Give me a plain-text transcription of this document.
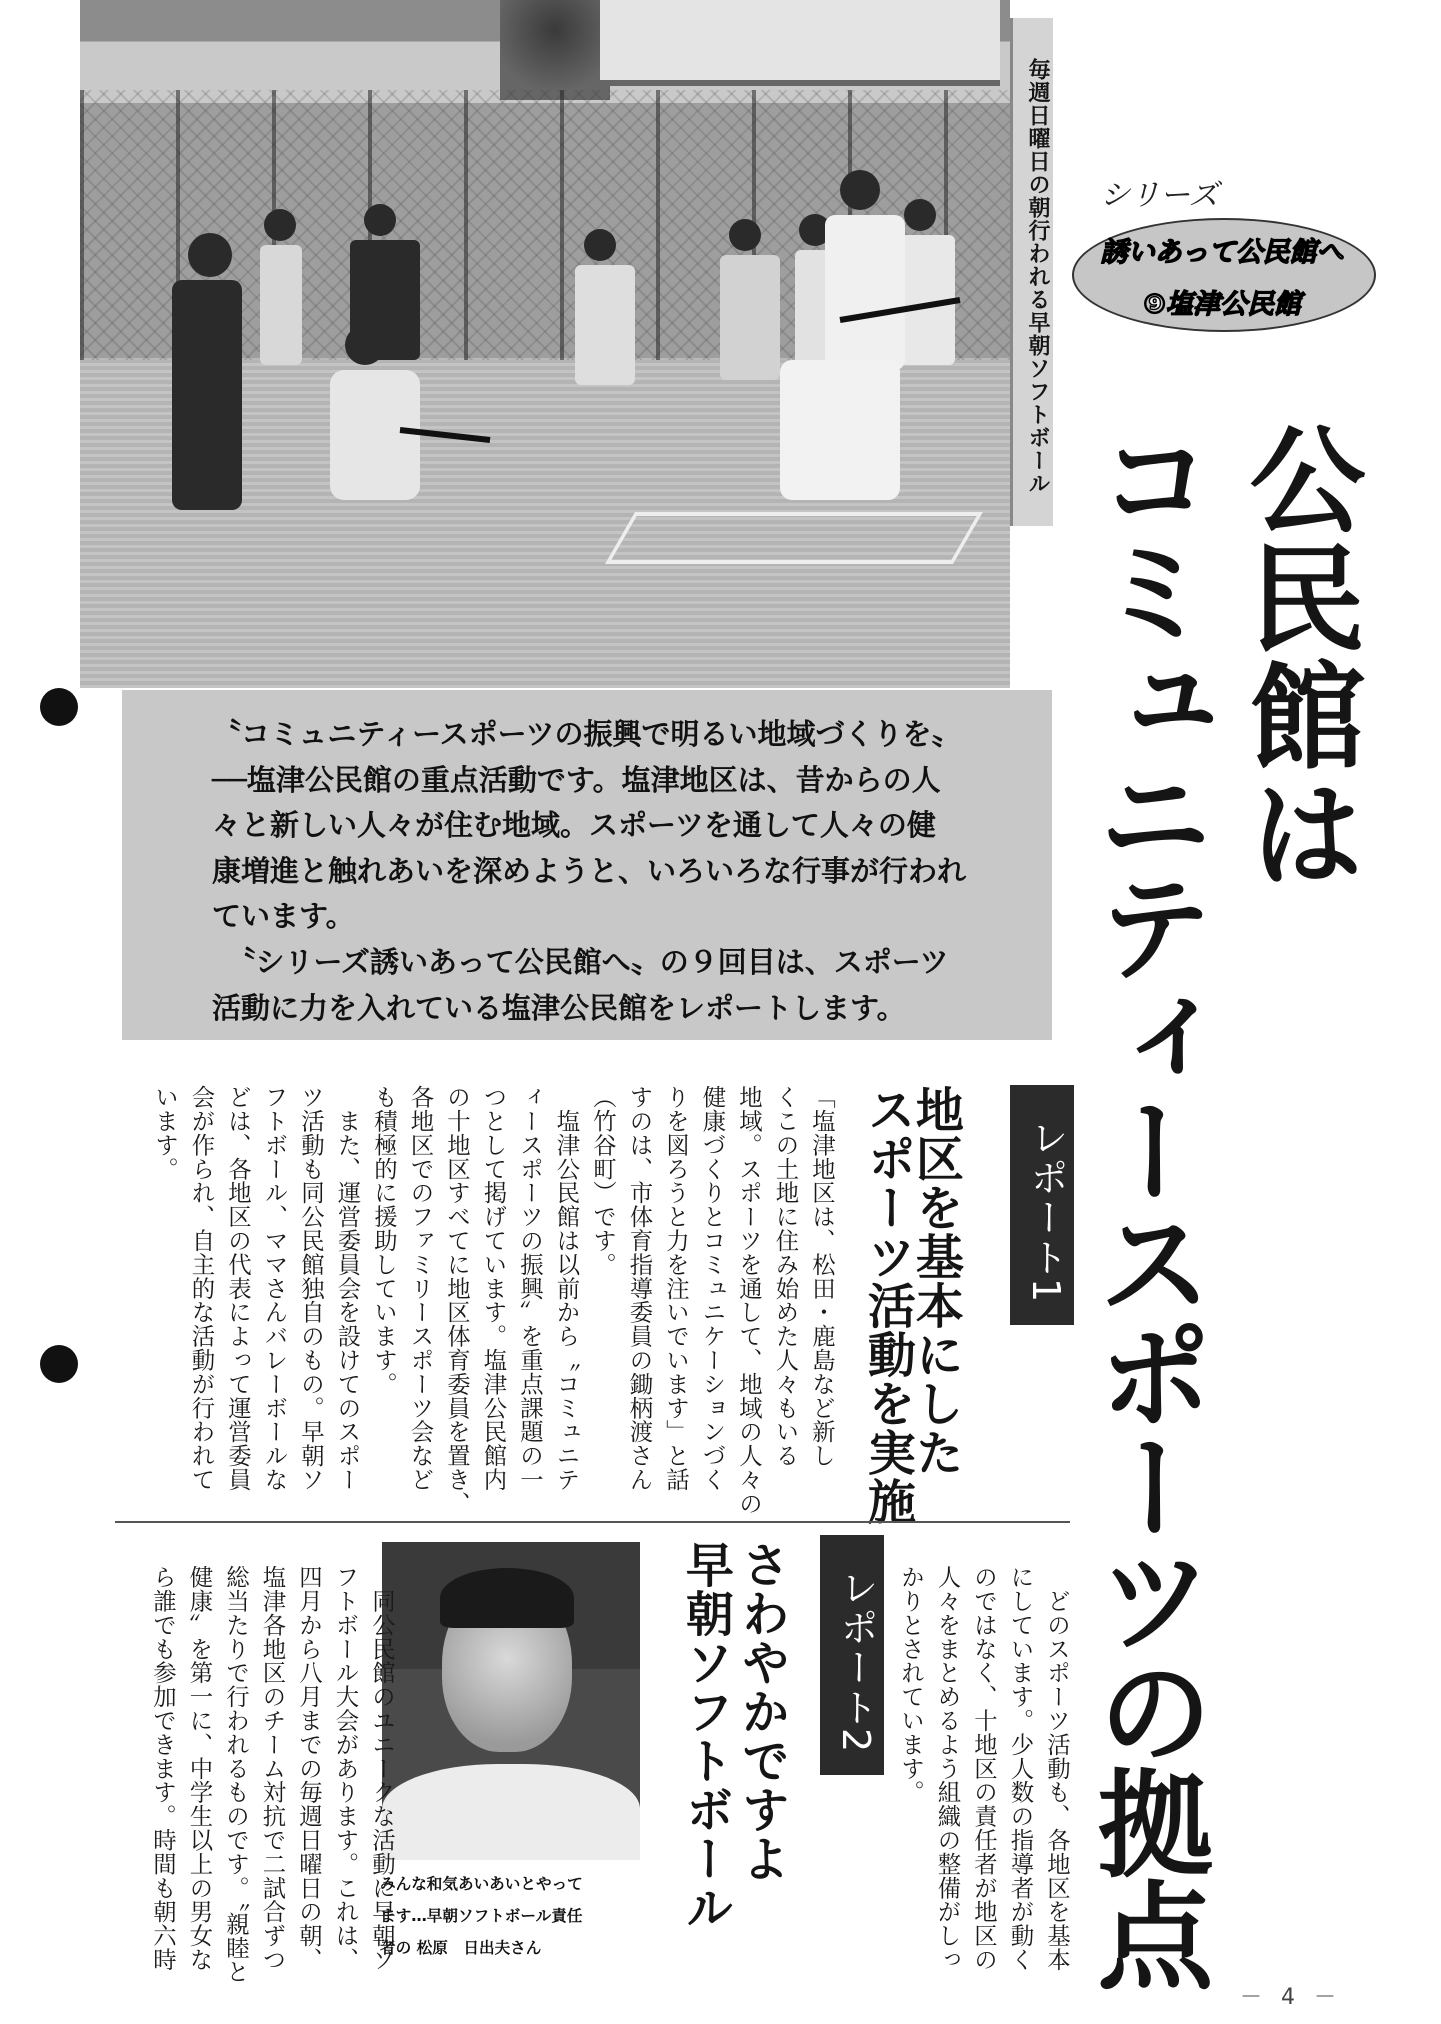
毎週日曜日の朝行われる早朝ソフトボール シリーズ
誘いあって公民館へ
⑨塩津公民館
公民館は
コミュニティースポーツの拠点

〝コミュニティースポーツの振興で明るい地域づくりを〟

──塩津公民館の重点活動です。塩津地区は、昔からの人

々と新しい人々が住む地域。スポーツを通して人々の健

康増進と触れあいを深めようと、いろいろな行事が行われ

ています。

　〝シリーズ誘いあって公民館へ〟の９回目は、スポーツ

活動に力を入れている塩津公民館をレポートします。

レポート1
地区を基本にした
スポーツ活動を実施
「塩津地区は、松田・鹿島など新し
くこの土地に住み始めた人々もいる
地域。スポーツを通して、地域の人々の
健康づくりとコミュニケーションづく
りを図ろうと力を注いでいます」と話
すのは、市体育指導委員の鋤柄渡さん
（竹谷町）です。
　塩津公民館は以前から〝コミュニテ
ィースポーツの振興〟を重点課題の一
つとして掲げています。塩津公民館内
の十地区すべてに地区体育委員を置き、
各地区でのファミリースポーツ会など
も積極的に援助しています。
　また、運営委員会を設けてのスポー
ツ活動も同公民館独自のもの。早朝ソ
フトボール、ママさんバレーボールな
どは、各地区の代表によって運営委員
会が作られ、自主的な活動が行われて
います。
　どのスポーツ活動も、各地区を基本
にしています。少人数の指導者が動く
のではなく、十地区の責任者が地区の
人々をまとめるよう組織の整備がしっ
かりとされています。
レポート2
さわやかですよ
早朝ソフトボール
みんな和気あいあいとやって
ます…早朝ソフトボール責任
者の 松原　日出夫さん
　同公民館のユニークな活動に早朝ソ
フトボール大会があります。これは、
四月から八月までの毎週日曜日の朝、
塩津各地区のチーム対抗で二試合ずつ
総当たりで行われるものです。〝親睦と
健康〟を第一に、中学生以上の男女な
ら誰でも参加できます。時間も朝六時
－ 4 －
